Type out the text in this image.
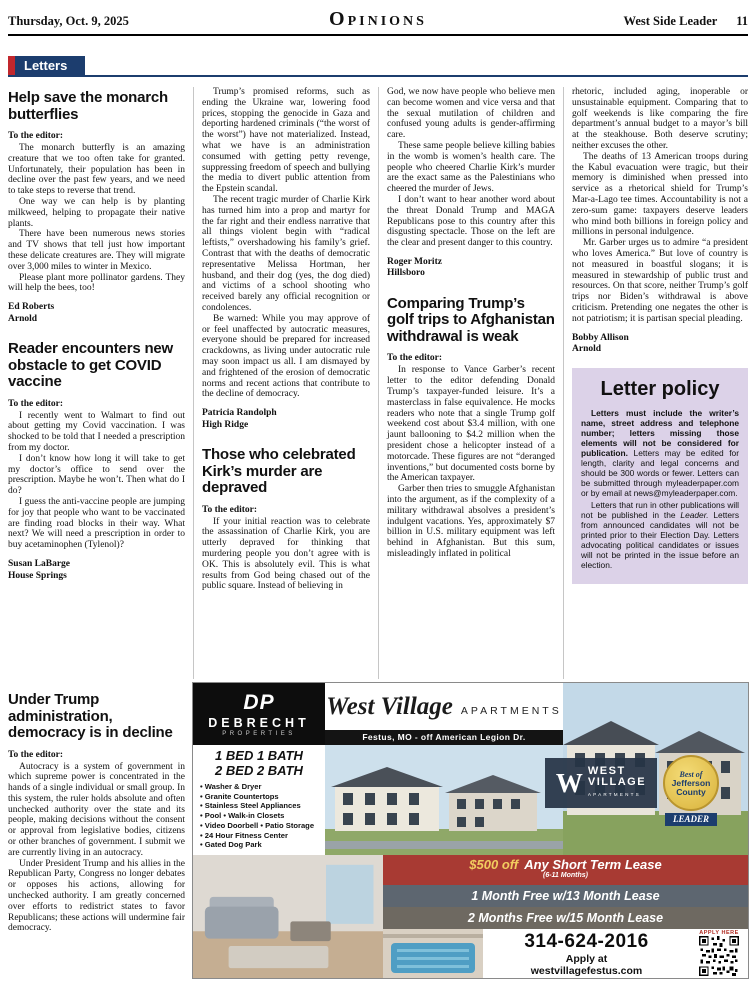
Thursday, Oct. 9, 2025	OPINIONS	West Side Leader 11
Letters
Help save the monarch butterflies
To the editor:

The monarch butterfly is an amazing creature that we too often take for granted. Unfortunately, their population has been in decline over the past few years, and we need to take steps to reverse that trend.

One way we can help is by planting milkweed, helping to propagate their native plants.

There have been numerous news stories and TV shows that tell just how important these delicate creatures are. They will migrate over 3,000 miles to winter in Mexico.

Please plant more pollinator gardens. They will help the bees, too!

Ed Roberts
Arnold
Reader encounters new obstacle to get COVID vaccine
To the editor:

I recently went to Walmart to find out about getting my Covid vaccination. I was shocked to be told that I needed a prescription from my doctor.

I don’t know how long it will take to get my doctor’s office to send over the prescription. Maybe he won’t. Then what do I do?

I guess the anti-vaccine people are jumping for joy that people who want to be vaccinated are finding road blocks in their way. What next? We will need a prescription in order to buy acetaminophen (Tylenol)?

Susan LaBarge
House Springs

Trump’s promised reforms, such as ending the Ukraine war, lowering food prices, stopping the genocide in Gaza and deporting hardened criminals (“the worst of the worst”) have not materialized. Instead, what we have is an administration consumed with getting petty revenge, suppressing freedom of speech and bullying the media to divert public attention from the Epstein scandal.

The recent tragic murder of Charlie Kirk has turned him into a prop and martyr for the far right and their endless narrative that all things violent begin with “radical leftists,” overshadowing his family’s grief. Contrast that with the deaths of democratic representative Melissa Hortman, her husband, and their dog (yes, the dog died) and victims of a school shooting who received barely any official recognition or condolences.

Be warned: While you may approve of or feel unaffected by autocratic measures, everyone should be prepared for increased crackdowns, as living under autocratic rule may soon impact us all. I am dismayed by and frightened of the erosion of democratic norms and recent actions that contribute to the decline of democracy.

Patricia Randolph
High Ridge
Those who celebrated Kirk’s murder are depraved
To the editor:

If your initial reaction was to celebrate the assassination of Charlie Kirk, you are utterly depraved for thinking that murdering people you don’t agree with is OK. This is absolutely evil. This is what results from God being chased out of the public square. Instead of believing in

God, we now have people who believe men can become women and vice versa and that the sexual mutilation of children and confused young adults is gender-affirming care.

These same people believe killing babies in the womb is women’s health care. The people who cheered Charlie Kirk’s murder are the exact same as the Palestinians who cheered the murder of Jews.

I don’t want to hear another word about the threat Donald Trump and MAGA Republicans pose to this country after this disgusting spectacle. Those on the left are the clear and present danger to this country.

Roger Moritz
Hillsboro
Comparing Trump’s golf trips to Afghanistan withdrawal is weak
To the editor:

In response to Vance Garber’s recent letter to the editor defending Donald Trump’s taxpayer-funded leisure. It’s a masterclass in false equivalence. He mocks readers who note that a single Trump golf weekend cost about $3.4 million, with one jaunt ballooning to $4.2 million when the president chose a helicopter instead of a motorcade. These figures are not “deranged inventions,” but documented costs borne by the American taxpayer.

Garber then tries to smuggle Afghanistan into the argument, as if the complexity of a military withdrawal absolves a president’s indulgent vacations. Yes, approximately $7 billion in U.S. military equipment was left behind in Afghanistan. But this sum, misleadingly inflated in political

rhetoric, included aging, inoperable or unsustainable equipment. Comparing that to golf weekends is like comparing the fire department’s annual budget to a mayor’s bill at the steakhouse. Both deserve scrutiny; neither excuses the other.

The deaths of 13 American troops during the Kabul evacuation were tragic, but their memory is diminished when pressed into service as a rhetorical shield for Trump’s Mar-a-Lago tee times. Accountability is not a zero-sum game: taxpayers deserve leaders who mind both billions in foreign policy and millions in personal indulgence.

Mr. Garber urges us to admire “a president who loves America.” But love of country is not measured in boastful slogans; it is measured in stewardship of public trust and resources. On that score, neither Trump’s golf trips nor Biden’s withdrawal is above criticism. Pretending one negates the other is not patriotism; it is partisan special pleading.

Bobby Allison
Arnold
Letter policy

Letters must include the writer’s name, street address and telephone number; letters missing those elements will not be considered for publication. Letters may be edited for length, clarity and legal concerns and should be 300 words or fewer. Letters can be submitted through myleaderpaper.com or by email at news@myleaderpaper.com.

Letters that run in other publications will not be published in the Leader. Letters from announced candidates will not be printed prior to their Election Day. Letters advocating political candidates or issues will not be printed in the issue before an election.

Under Trump administration, democracy is in decline
To the editor:

Autocracy is a system of government in which supreme power is concentrated in the hands of a single individual or small group. In this system, the ruler holds absolute and often unchecked authority over the state and its people, making decisions without the consent or approval from legislative bodies, citizens or other branches of government. I submit we are currently living in an autocracy.

Under President Trump and his allies in the Republican Party, Congress no longer debates or opposes his actions, allowing for unchecked authority. I am greatly concerned over efforts to redistrict states to favor Republicans; these actions will undermine fair democracy.

DP
DEBRECHT
PROPERTIES
West Village APARTMENTS
Festus, MO - off American Legion Dr.
1 BED 1 BATH
2 BED 2 BATH
• Washer & Dryer
• Granite Countertops
• Stainless Steel Appliances
• Pool • Walk-in Closets
• Video Doorbell • Patio Storage
• 24 Hour Fitness Center
• Gated Dog Park
$500 off Any Short Term Lease
(6-11 Months)
1 Month Free w/13 Month Lease
2 Months Free w/15 Month Lease
314-624-2016
Apply at
westvillagefestus.com
APPLY HERE
W WEST
VILLAGE
APARTMENTS
Best of
Jefferson
County
LEADER
